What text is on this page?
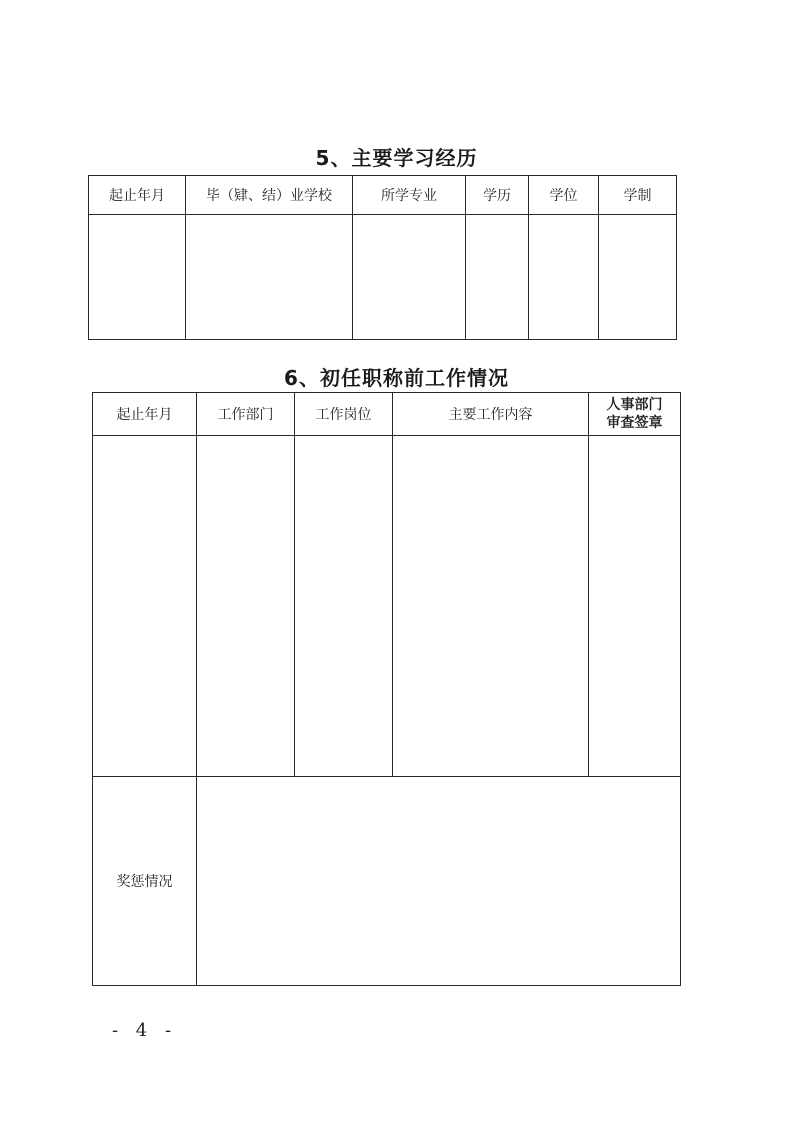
5、主要学习经历
起止年月	毕（肄、结）业学校	所学专业	学历	学位	学制

6、初任职称前工作情况
起止年月	工作部门	工作岗位	主要工作内容	人事部门
审查签章

奖惩情况				
- 4 -
